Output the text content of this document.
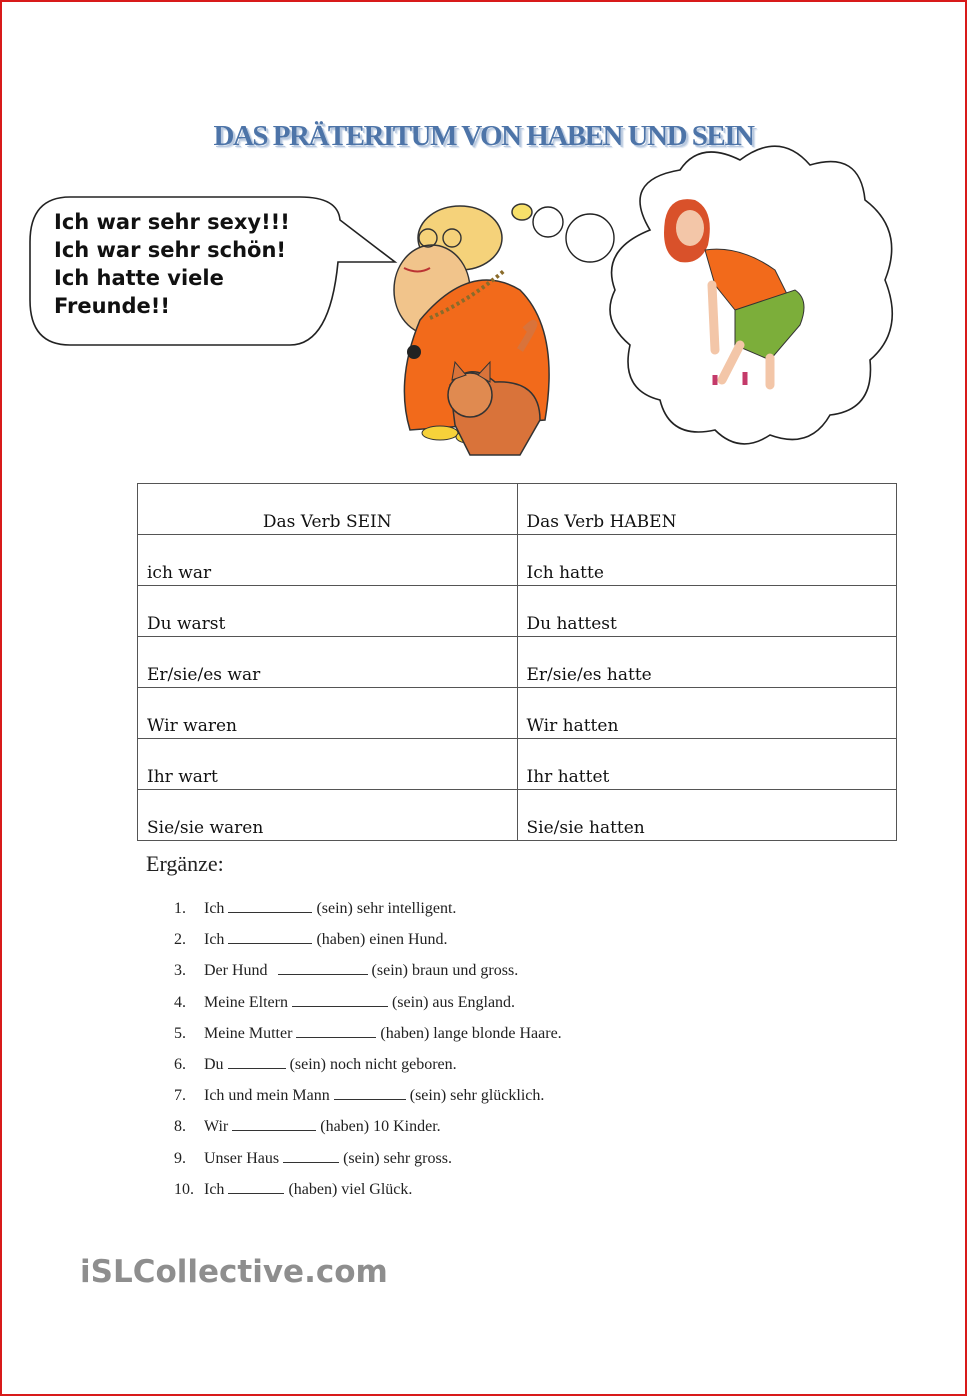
DAS PRÄTERITUM VON HABEN UND SEIN
Ich war sehr sexy!!!
Ich war sehr schön!
Ich hatte viele
Freunde!!
Das Verb SEIN	Das Verb HABEN
ich war	Ich hatte
Du warst	Du hattest
Er/sie/es war	Er/sie/es hatte
Wir waren	Wir hatten
Ihr wart	Ihr hattet
Sie/sie waren	Sie/sie hatten
Ergänze:
1. Ich	(sein) sehr intelligent.
2. Ich	(haben) einen Hund.
3. Der Hund	(sein) braun und gross.
4. Meine Eltern	(sein) aus England.
5. Meine Mutter	(haben) lange blonde Haare.
6. Du	(sein) noch nicht geboren.
7. Ich und mein Mann	(sein) sehr glücklich.
8. Wir	(haben) 10 Kinder.
9. Unser Haus	(sein) sehr gross.
10. Ich	(haben) viel Glück.
iSLCollective.com
